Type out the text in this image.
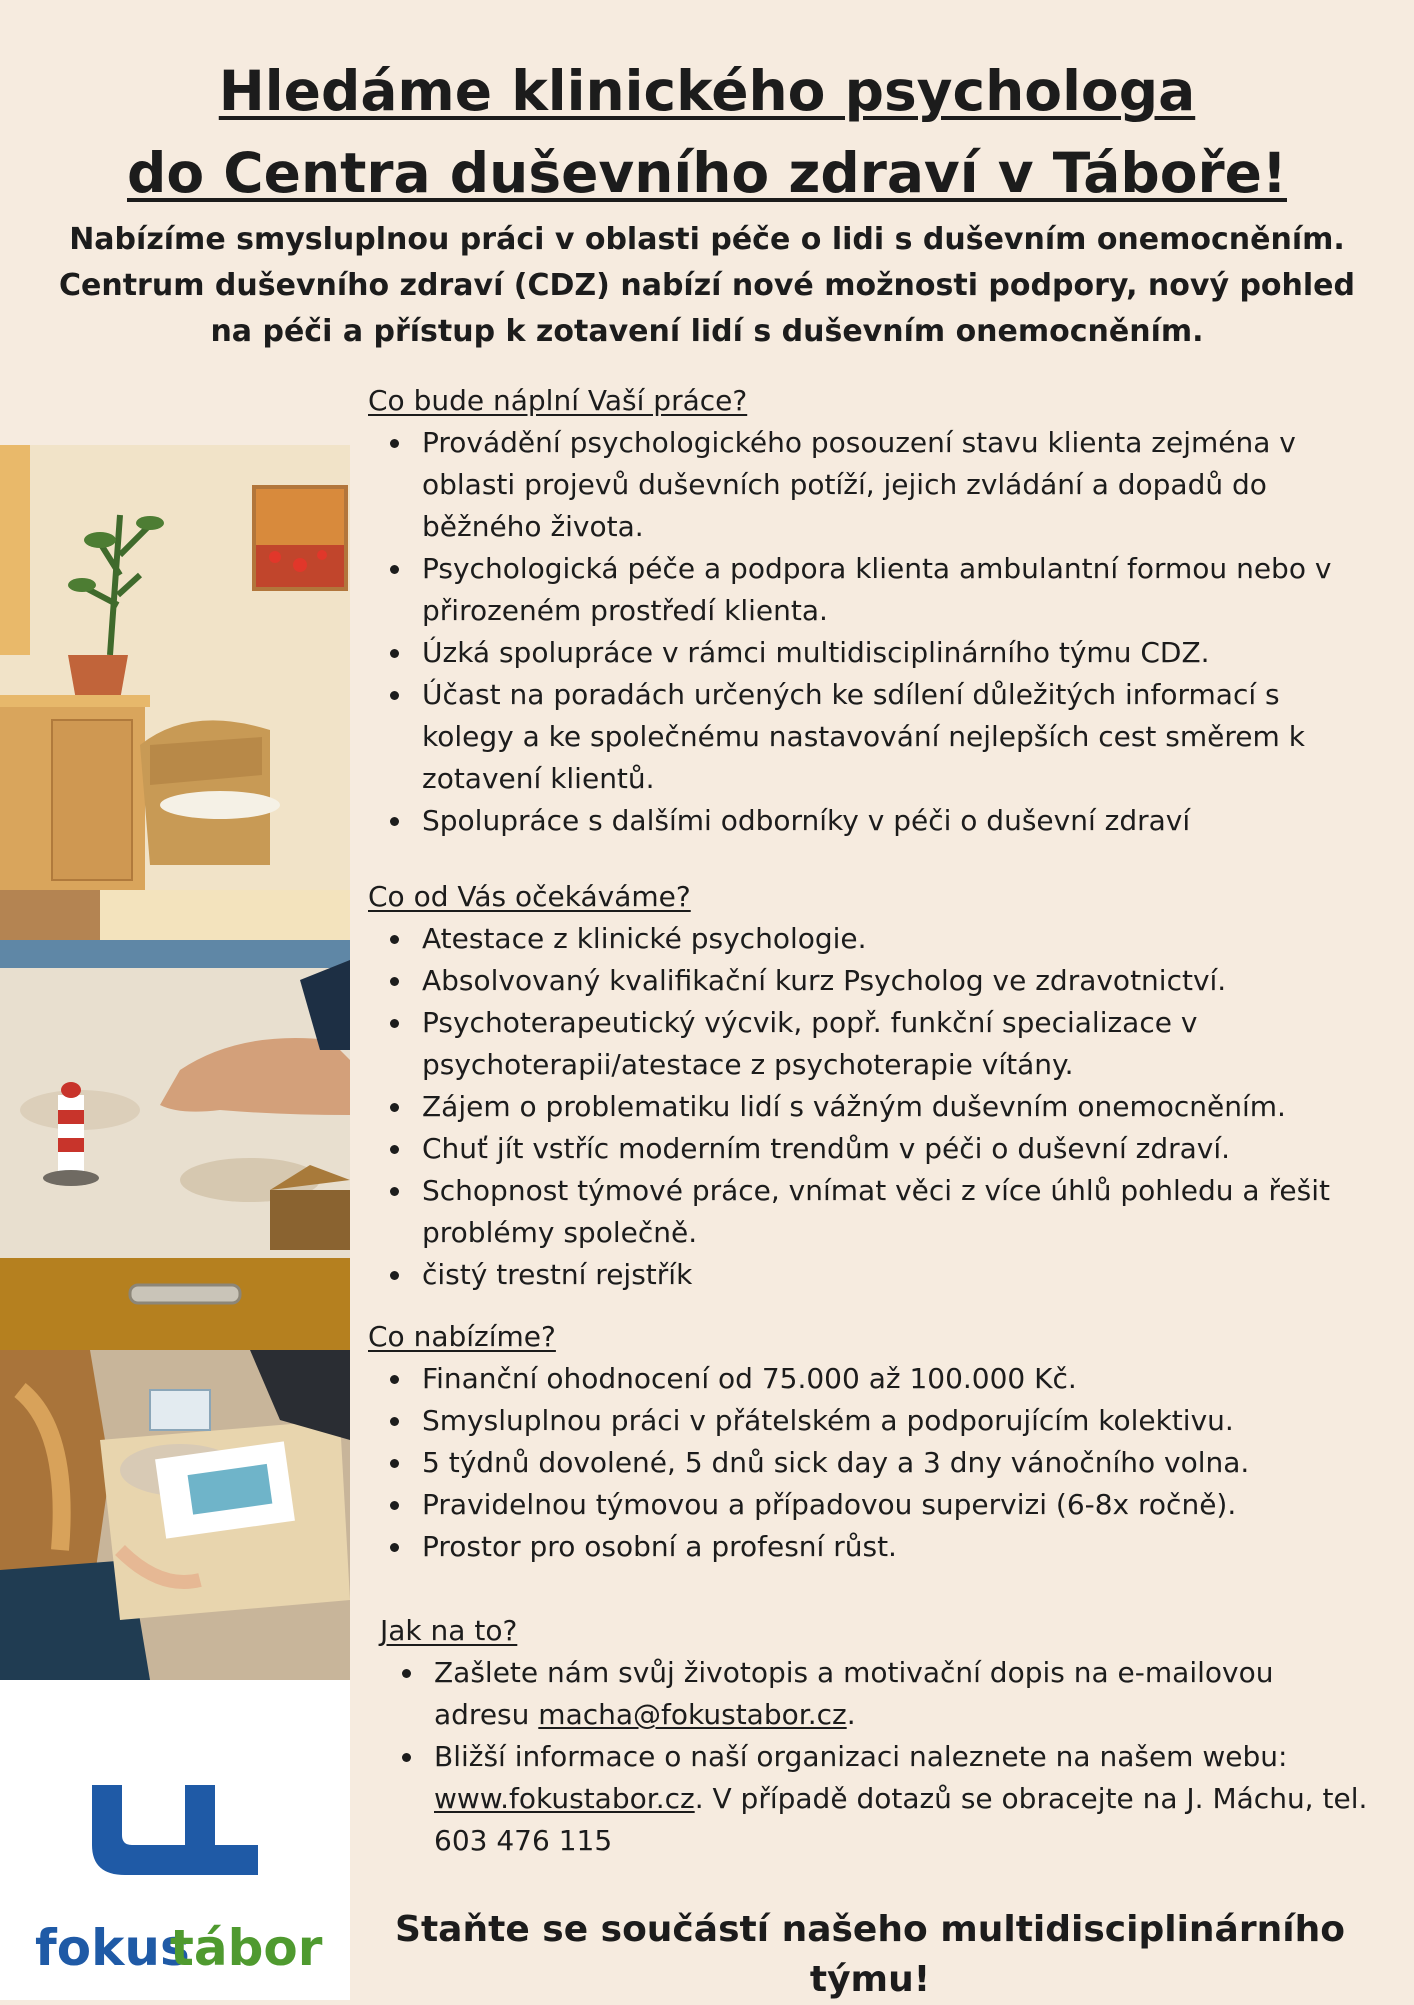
Hledáme klinického psychologa
do Centra duševního zdraví v Táboře!
Nabízíme smysluplnou práci v oblasti péče o lidi s duševním onemocněním.
Centrum duševního zdraví (CDZ) nabízí nové možnosti podpory, nový pohled
na péči a přístup k zotavení lidí s duševním onemocněním.
fokus
tábor
Co bude náplní Vaší práce?
Provádění psychologického posouzení stavu klienta zejména v oblasti projevů duševních potíží, jejich zvládání a dopadů do běžného života.
Psychologická péče a podpora klienta ambulantní formou nebo v přirozeném prostředí klienta.
Úzká spolupráce v rámci multidisciplinárního týmu CDZ.
Účast na poradách určených ke sdílení důležitých informací s kolegy a ke společnému nastavování nejlepších cest směrem k zotavení klientů.
Spolupráce s dalšími odborníky v péči o duševní zdraví
Co od Vás očekáváme?
Atestace z klinické psychologie.
Absolvovaný kvalifikační kurz Psycholog ve zdravotnictví.
Psychoterapeutický výcvik, popř. funkční specializace v psychoterapii/atestace z psychoterapie vítány.
Zájem o problematiku lidí s vážným duševním onemocněním.
Chuť jít vstříc moderním trendům v péči o duševní zdraví.
Schopnost týmové práce, vnímat věci z více úhlů pohledu a řešit problémy společně.
čistý trestní rejstřík
Co nabízíme?
Finanční ohodnocení od 75.000 až 100.000 Kč.
Smysluplnou práci v přátelském a podporujícím kolektivu.
5 týdnů dovolené, 5 dnů sick day a 3 dny vánočního volna.
Pravidelnou týmovou a případovou supervizi (6-8x ročně).
Prostor pro osobní a profesní růst.
Jak na to?
Zašlete nám svůj životopis a motivační dopis na e-mailovou adresu macha@fokustabor.cz.
Bližší informace o naší organizaci naleznete na našem webu: www.fokustabor.cz. V případě dotazů se obracejte na J. Máchu, tel. 603 476 115
Staňte se součástí našeho multidisciplinárního týmu!
